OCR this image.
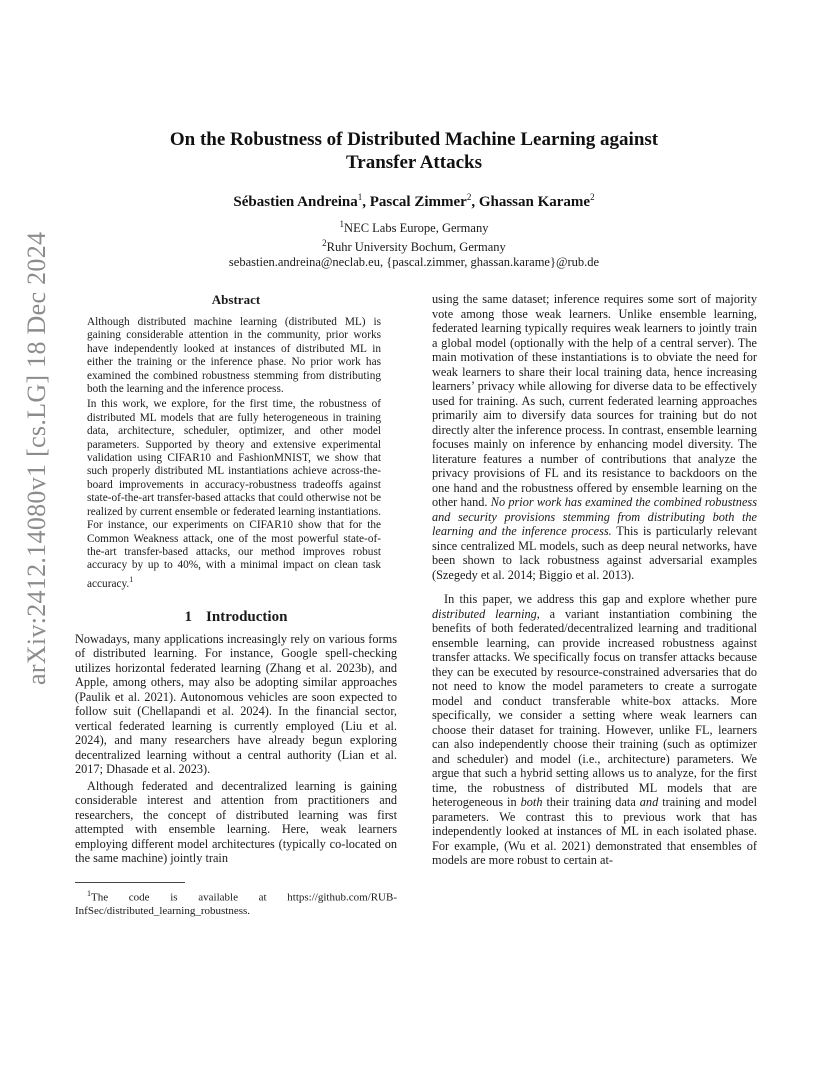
arXiv:2412.14080v1 [cs.LG] 18 Dec 2024
On the Robustness of Distributed Machine Learning against
Transfer Attacks
Sébastien Andreina$^1$, Pascal Zimmer$^2$, Ghassan Karame$^2$
$^1$NEC Labs Europe, Germany
$^2$Ruhr University Bochum, Germany
sebastien.andreina@neclab.eu, {pascal.zimmer, ghassan.karame}@rub.de
Abstract

Although distributed machine learning (distributed ML) is gaining considerable attention in the community, prior works have independently looked at instances of distributed ML in either the training or the inference phase. No prior work has examined the combined robustness stemming from distributing both the learning and the inference process.

In this work, we explore, for the first time, the robustness of distributed ML models that are fully heterogeneous in training data, architecture, scheduler, optimizer, and other model parameters. Supported by theory and extensive experimental validation using CIFAR10 and FashionMNIST, we show that such properly distributed ML instantiations achieve across-the-board improvements in accuracy-robustness tradeoffs against state-of-the-art transfer-based attacks that could otherwise not be realized by current ensemble or federated learning instantiations. For instance, our experiments on CIFAR10 show that for the Common Weakness attack, one of the most powerful state-of-the-art transfer-based attacks, our method improves robust accuracy by up to 40%, with a minimal impact on clean task accuracy.$^1$

1 Introduction

Nowadays, many applications increasingly rely on various forms of distributed learning. For instance, Google spell-checking utilizes horizontal federated learning (Zhang et al. 2023b), and Apple, among others, may also be adopting similar approaches (Paulik et al. 2021). Autonomous vehicles are soon expected to follow suit (Chellapandi et al. 2024). In the financial sector, vertical federated learning is currently employed (Liu et al. 2024), and many researchers have already begun exploring decentralized learning without a central authority (Lian et al. 2017; Dhasade et al. 2023).

Although federated and decentralized learning is gaining considerable interest and attention from practitioners and researchers, the concept of distributed learning was first attempted with ensemble learning. Here, weak learners employing different model architectures (typically co-located on the same machine) jointly train

$^1$The code is available at https://github.com/RUB-InfSec/distributed_learning_robustness.

using the same dataset; inference requires some sort of majority vote among those weak learners. Unlike ensemble learning, federated learning typically requires weak learners to jointly train a global model (optionally with the help of a central server). The main motivation of these instantiations is to obviate the need for weak learners to share their local training data, hence increasing learners’ privacy while allowing for diverse data to be effectively used for training. As such, current federated learning approaches primarily aim to diversify data sources for training but do not directly alter the inference process. In contrast, ensemble learning focuses mainly on inference by enhancing model diversity. The literature features a number of contributions that analyze the privacy provisions of FL and its resistance to backdoors on the one hand and the robustness offered by ensemble learning on the other hand. No prior work has examined the combined robustness and security provisions stemming from distributing both the learning and the inference process. This is particularly relevant since centralized ML models, such as deep neural networks, have been shown to lack robustness against adversarial examples (Szegedy et al. 2014; Biggio et al. 2013).

In this paper, we address this gap and explore whether pure distributed learning, a variant instantiation combining the benefits of both federated/decentralized learning and traditional ensemble learning, can provide increased robustness against transfer attacks. We specifically focus on transfer attacks because they can be executed by resource-constrained adversaries that do not need to know the model parameters to create a surrogate model and conduct transferable white-box attacks. More specifically, we consider a setting where weak learners can choose their dataset for training. However, unlike FL, learners can also independently choose their training (such as optimizer and scheduler) and model (i.e., architecture) parameters. We argue that such a hybrid setting allows us to analyze, for the first time, the robustness of distributed ML models that are heterogeneous in both their training data and training and model parameters. We contrast this to previous work that has independently looked at instances of ML in each isolated phase. For example, (Wu et al. 2021) demonstrated that ensembles of models are more robust to certain at-
